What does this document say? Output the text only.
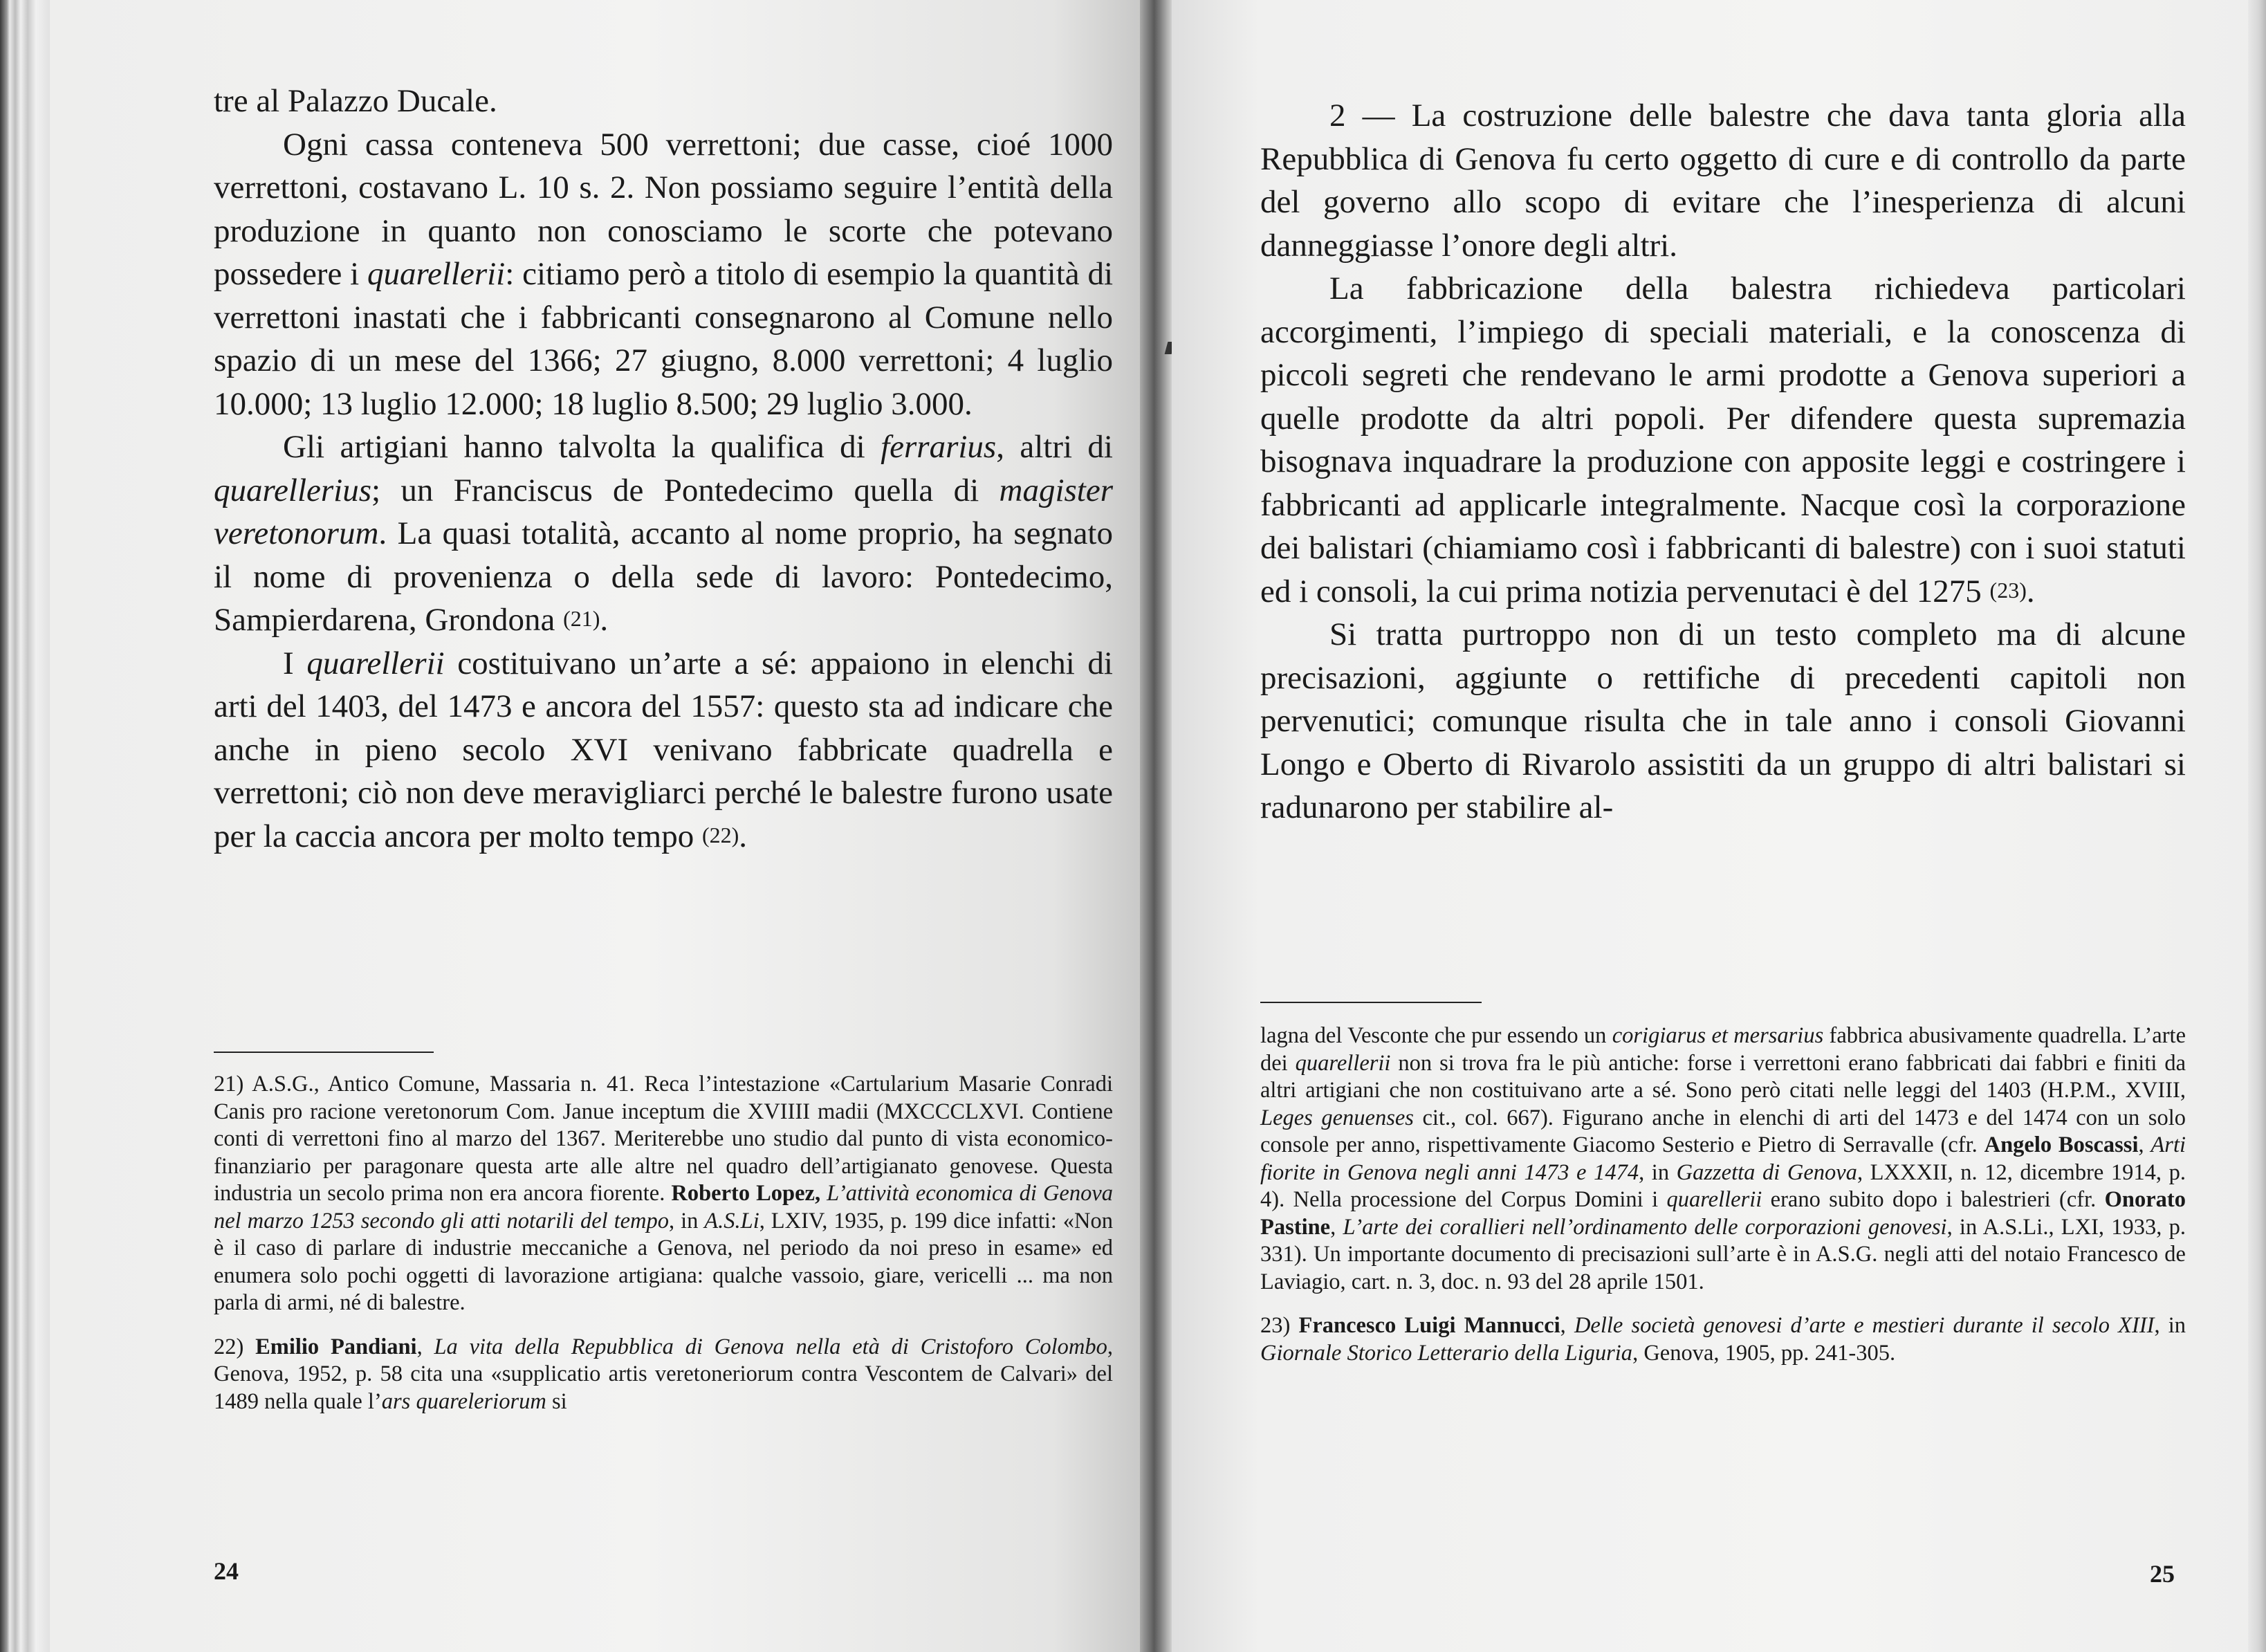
tre al Palazzo Ducale.

Ogni cassa conteneva 500 verrettoni; due casse, cioé 1000 verrettoni, costavano L. 10 s. 2. Non possiamo seguire l’entità della produzione in quanto non conosciamo le scorte che potevano possedere i quarellerii: citiamo però a titolo di esempio la quantità di verrettoni inastati che i fabbricanti consegnarono al Comune nello spazio di un mese del 1366; 27 giugno, 8.000 verrettoni; 4 luglio 10.000; 13 luglio 12.000; 18 luglio 8.500; 29 luglio 3.000.

Gli artigiani hanno talvolta la qualifica di ferrarius, altri di quarellerius; un Franciscus de Pontedecimo quella di magister veretonorum. La quasi totalità, accanto al nome proprio, ha segnato il nome di provenienza o della sede di lavoro: Pontedecimo, Sampierdarena, Grondona (21).

I quarellerii costituivano un’arte a sé: appaiono in elenchi di arti del 1403, del 1473 e ancora del 1557: questo sta ad indicare che anche in pieno secolo XVI venivano fabbricate quadrella e verrettoni; ciò non deve meravigliarci perché le balestre furono usate per la caccia ancora per molto tempo (22).

21) A.S.G., Antico Comune, Massaria n. 41. Reca l’intestazione «Cartularium Masarie Conradi Canis pro racione veretonorum Com. Janue inceptum die XVIIII madii (MXCCCLXVI. Contiene conti di verrettoni fino al marzo del 1367. Meriterebbe uno studio dal punto di vista economico-finanziario per paragonare questa arte alle altre nel quadro dell’artigianato genovese. Questa industria un secolo prima non era ancora fiorente. Roberto Lopez, L’attività economica di Genova nel marzo 1253 secondo gli atti notarili del tempo, in A.S.Li, LXIV, 1935, p. 199 dice infatti: «Non è il caso di parlare di industrie meccaniche a Genova, nel periodo da noi preso in esame» ed enumera solo pochi oggetti di lavorazione artigiana: qualche vassoio, giare, vericelli ... ma non parla di armi, né di balestre.

22) Emilio Pandiani, La vita della Repubblica di Genova nella età di Cristoforo Colombo, Genova, 1952, p. 58 cita una «supplicatio artis veretoneriorum contra Vescontem de Calvari» del 1489 nella quale l’ars quareleriorum si

24

2 — La costruzione delle balestre che dava tanta gloria alla Repubblica di Genova fu certo oggetto di cure e di controllo da parte del governo allo scopo di evitare che l’inesperienza di alcuni danneggiasse l’onore degli altri.

La fabbricazione della balestra richiedeva particolari accorgimenti, l’impiego di speciali materiali, e la conoscenza di piccoli segreti che rendevano le armi prodotte a Genova superiori a quelle prodotte da altri popoli. Per difendere questa supremazia bisognava inquadrare la produzione con apposite leggi e costringere i fabbricanti ad applicarle integralmente. Nacque così la corporazione dei balistari (chiamiamo così i fabbricanti di balestre) con i suoi statuti ed i consoli, la cui prima notizia pervenutaci è del 1275 (23).

Si tratta purtroppo non di un testo completo ma di alcune precisazioni, aggiunte o rettifiche di precedenti capitoli non pervenutici; comunque risulta che in tale anno i consoli Giovanni Longo e Oberto di Rivarolo assistiti da un gruppo di altri balistari si radunarono per stabilire al-

lagna del Vesconte che pur essendo un corigiarus et mersarius fabbrica abusivamente quadrella. L’arte dei quarellerii non si trova fra le più antiche: forse i verrettoni erano fabbricati dai fabbri e finiti da altri artigiani che non costituivano arte a sé. Sono però citati nelle leggi del 1403 (H.P.M., XVIII, Leges genuenses cit., col. 667). Figurano anche in elenchi di arti del 1473 e del 1474 con un solo console per anno, rispettivamente Giacomo Sesterio e Pietro di Serravalle (cfr. Angelo Boscassi, Arti fiorite in Genova negli anni 1473 e 1474, in Gazzetta di Genova, LXXXII, n. 12, dicembre 1914, p. 4). Nella processione del Corpus Domini i quarellerii erano subito dopo i balestrieri (cfr. Onorato Pastine, L’arte dei corallieri nell’ordinamento delle corporazioni genovesi, in A.S.Li., LXI, 1933, p. 331). Un importante documento di precisazioni sull’arte è in A.S.G. negli atti del notaio Francesco de Laviagio, cart. n. 3, doc. n. 93 del 28 aprile 1501.

23) Francesco Luigi Mannucci, Delle società genovesi d’arte e mestieri durante il secolo XIII, in Giornale Storico Letterario della Liguria, Genova, 1905, pp. 241-305.

25
